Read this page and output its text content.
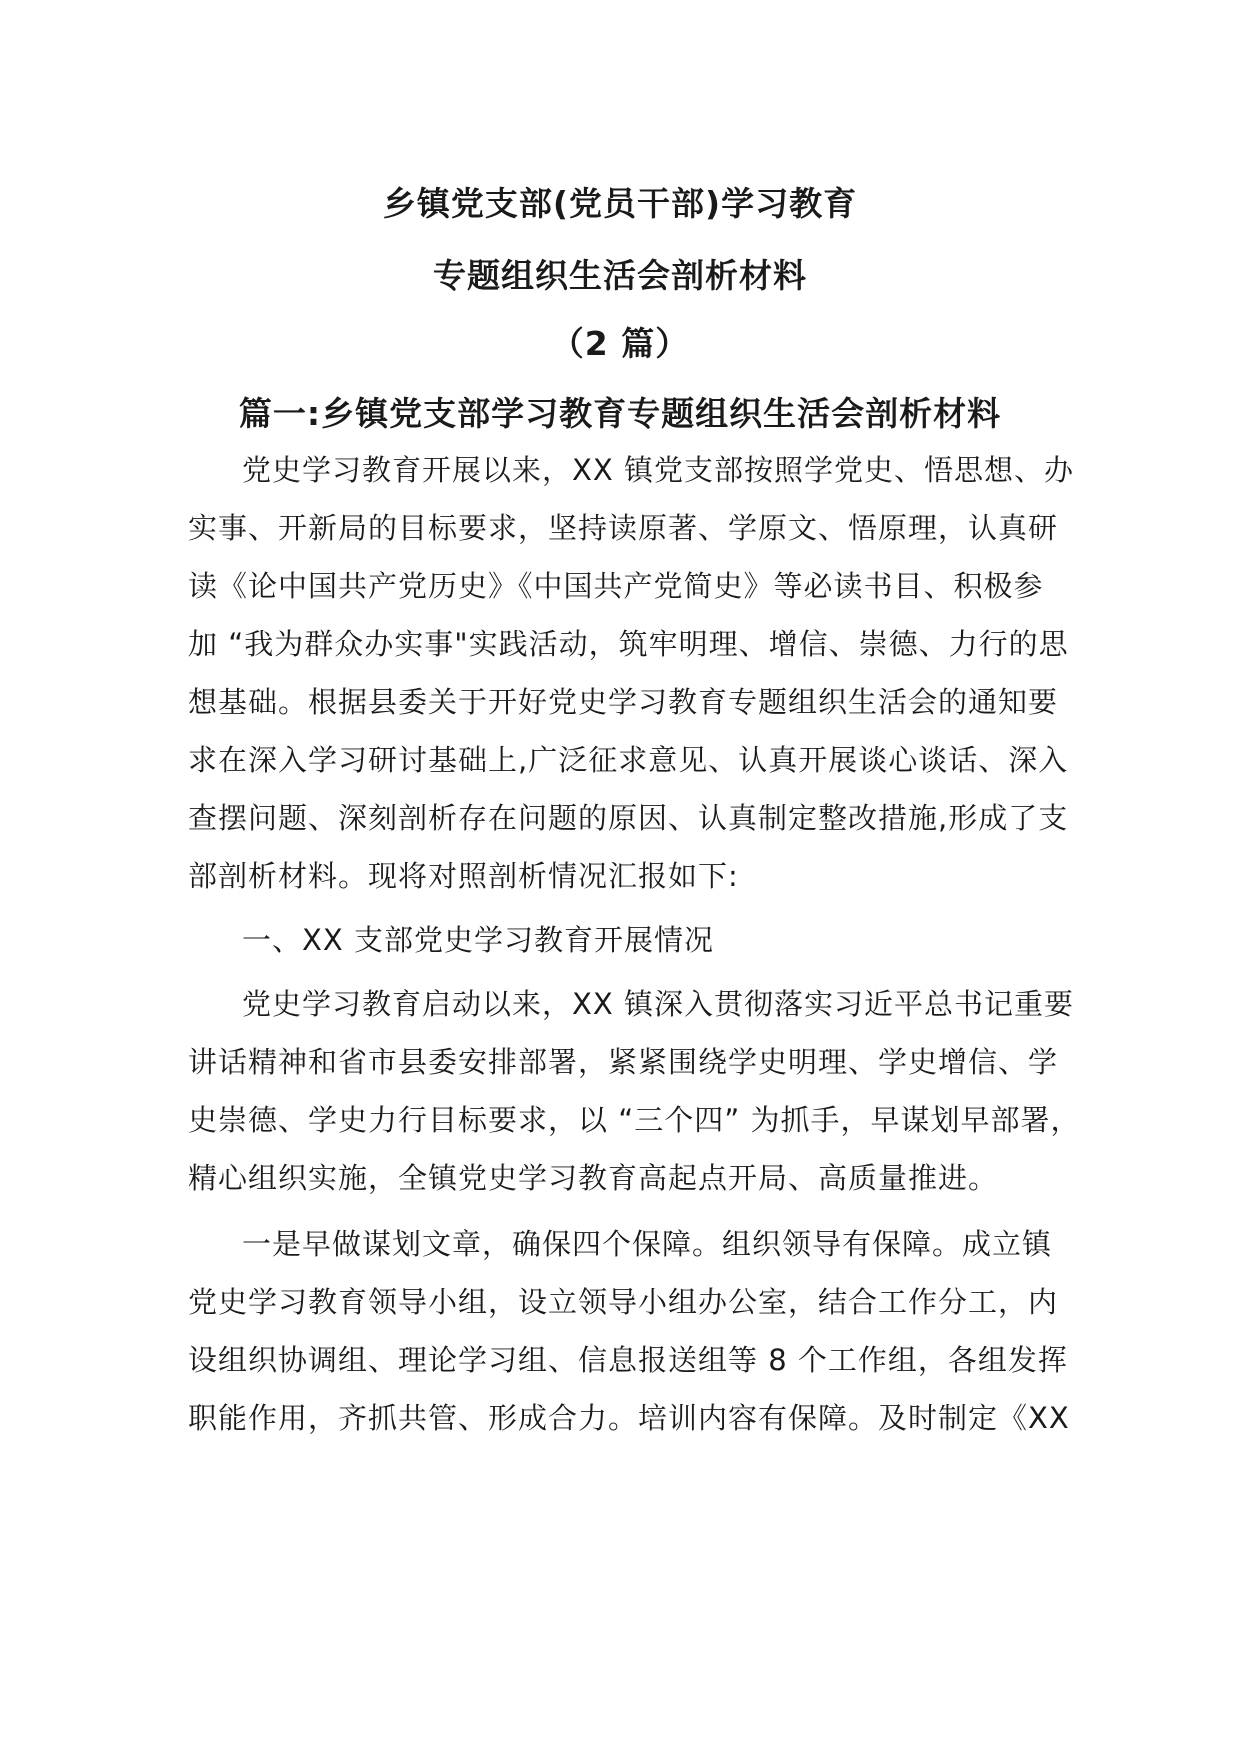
乡镇党支部(党员干部)学习教育
专题组织生活会剖析材料
（2 篇）
篇一:乡镇党支部学习教育专题组织生活会剖析材料
党史学习教育开展以来，XX 镇党支部按照学党史、悟思想、办
实事、开新局的目标要求，坚持读原著、学原文、悟原理，认真研
读《论中国共产党历史》《中国共产党简史》等必读书目、积极参
加 “我为群众办实事"实践活动，筑牢明理、增信、崇德、力行的思
想基础。根据县委关于开好党史学习教育专题组织生活会的通知要
求在深入学习研讨基础上,广泛征求意见、认真开展谈心谈话、深入
查摆问题、深刻剖析存在问题的原因、认真制定整改措施,形成了支
部剖析材料。现将对照剖析情况汇报如下:
一、XX 支部党史学习教育开展情况
党史学习教育启动以来，XX 镇深入贯彻落实习近平总书记重要
讲话精神和省市县委安排部署，紧紧围绕学史明理、学史增信、学
史崇德、学史力行目标要求，以 “三个四” 为抓手，早谋划早部署，
精心组织实施，全镇党史学习教育高起点开局、高质量推进。
一是早做谋划文章，确保四个保障。组织领导有保障。成立镇
党史学习教育领导小组，设立领导小组办公室，结合工作分工，内
设组织协调组、理论学习组、信息报送组等 8 个工作组，各组发挥
职能作用，齐抓共管、形成合力。培训内容有保障。及时制定《XX
